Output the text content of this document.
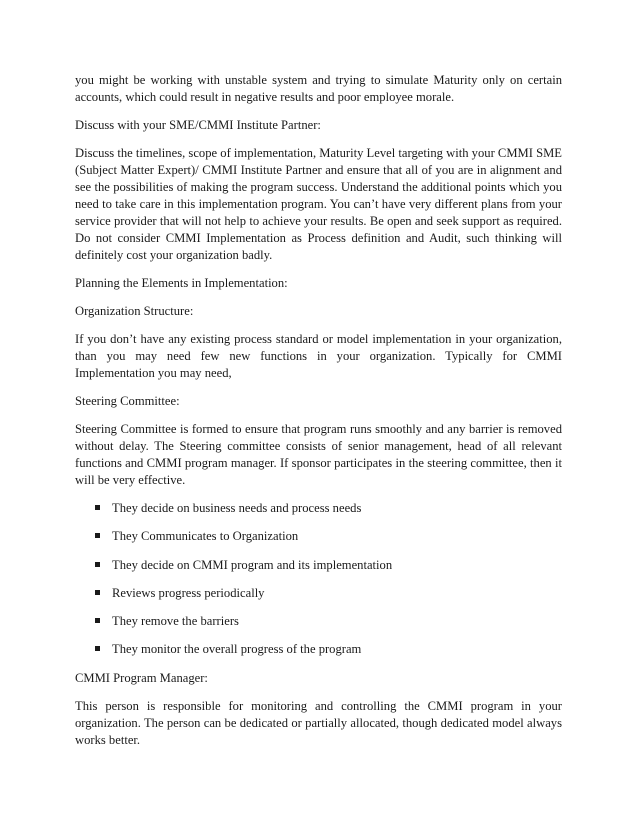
you might be working with unstable system and trying to simulate Maturity only on certain accounts, which could result in negative results and poor employee morale.

Discuss with your SME/CMMI Institute Partner:

Discuss the timelines, scope of implementation, Maturity Level targeting with your CMMI SME (Subject Matter Expert)/ CMMI Institute Partner and ensure that all of you are in alignment and see the possibilities of making the program success. Understand the additional points which you need to take care in this implementation program. You can’t have very different plans from your service provider that will not help to achieve your results. Be open and seek support as required. Do not consider CMMI Implementation as Process definition and Audit, such thinking will definitely cost your organization badly.

Planning the Elements in Implementation:

Organization Structure:

If you don’t have any existing process standard or model implementation in your organization, than you may need few new functions in your organization. Typically for CMMI Implementation you may need,

Steering Committee:

Steering Committee is formed to ensure that program runs smoothly and any barrier is removed without delay. The Steering committee consists of senior management, head of all relevant functions and CMMI program manager. If sponsor participates in the steering committee, then it will be very effective.

They decide on business needs and process needs
They Communicates to Organization
They decide on CMMI program and its implementation
Reviews progress periodically
They remove the barriers
They monitor the overall progress of the program

CMMI Program Manager:

This person is responsible for monitoring and controlling the CMMI program in your organization. The person can be dedicated or partially allocated, though dedicated model always works better.
